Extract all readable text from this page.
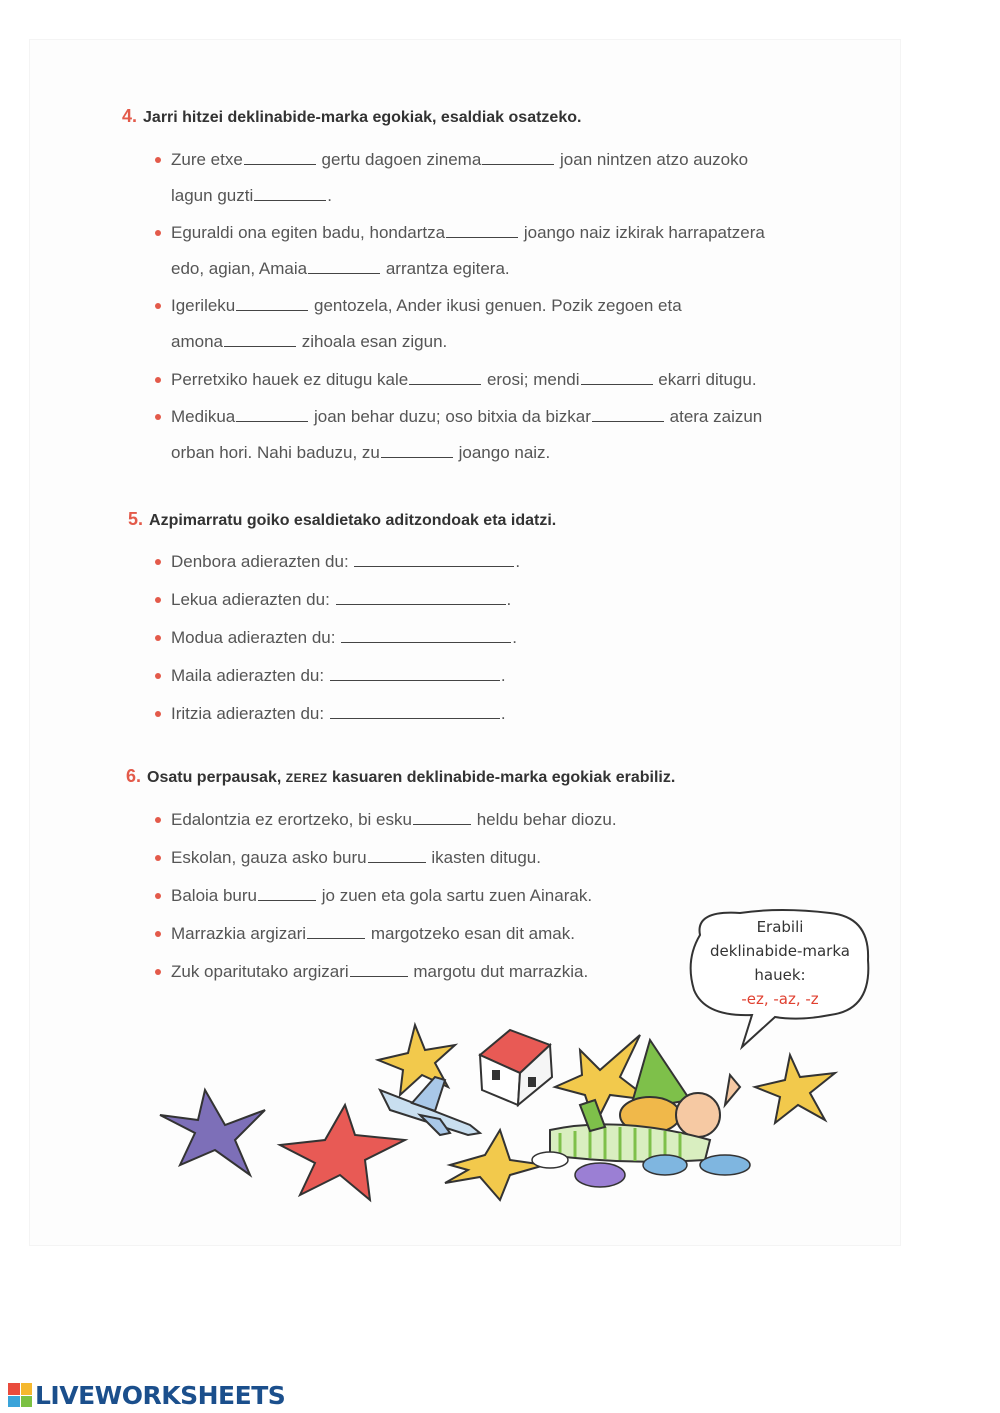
4. Jarri hitzei deklinabide-marka egokiak, esaldiak osatzeko.
Zure etxe	gertu dagoen zinema	joan nintzen atzo auzoko
lagun guzti	.
Eguraldi ona egiten badu, hondartza	joango naiz izkirak harrapatzera
edo, agian, Amaia	arrantza egitera.
Igerileku	gentozela, Ander ikusi genuen. Pozik zegoen eta
amona	zihoala esan zigun.
Perretxiko hauek ez ditugu kale	erosi; mendi	ekarri ditugu.
Medikua	joan behar duzu; oso bitxia da bizkar	atera zaizun
orban hori. Nahi baduzu, zu	joango naiz.
5. Azpimarratu goiko esaldietako aditzondoak eta idatzi.
Denbora adierazten du:	.
Lekua adierazten du:	.
Modua adierazten du:	.
Maila adierazten du:	.
Iritzia adierazten du:	.
6. Osatu perpausak, ZEREZ kasuaren deklinabide-marka egokiak erabiliz.
Edalontzia ez erortzeko, bi esku	heldu behar diozu.
Eskolan, gauza asko buru	ikasten ditugu.
Baloia buru	jo zuen eta gola sartu zuen Ainarak.
Marrazkia argizari	margotzeko esan dit amak.
Zuk oparitutako argizari	margotu dut marrazkia.
Erabili
deklinabide-marka
hauek:
-ez, -az, -z
LIVEWORKSHEETS
